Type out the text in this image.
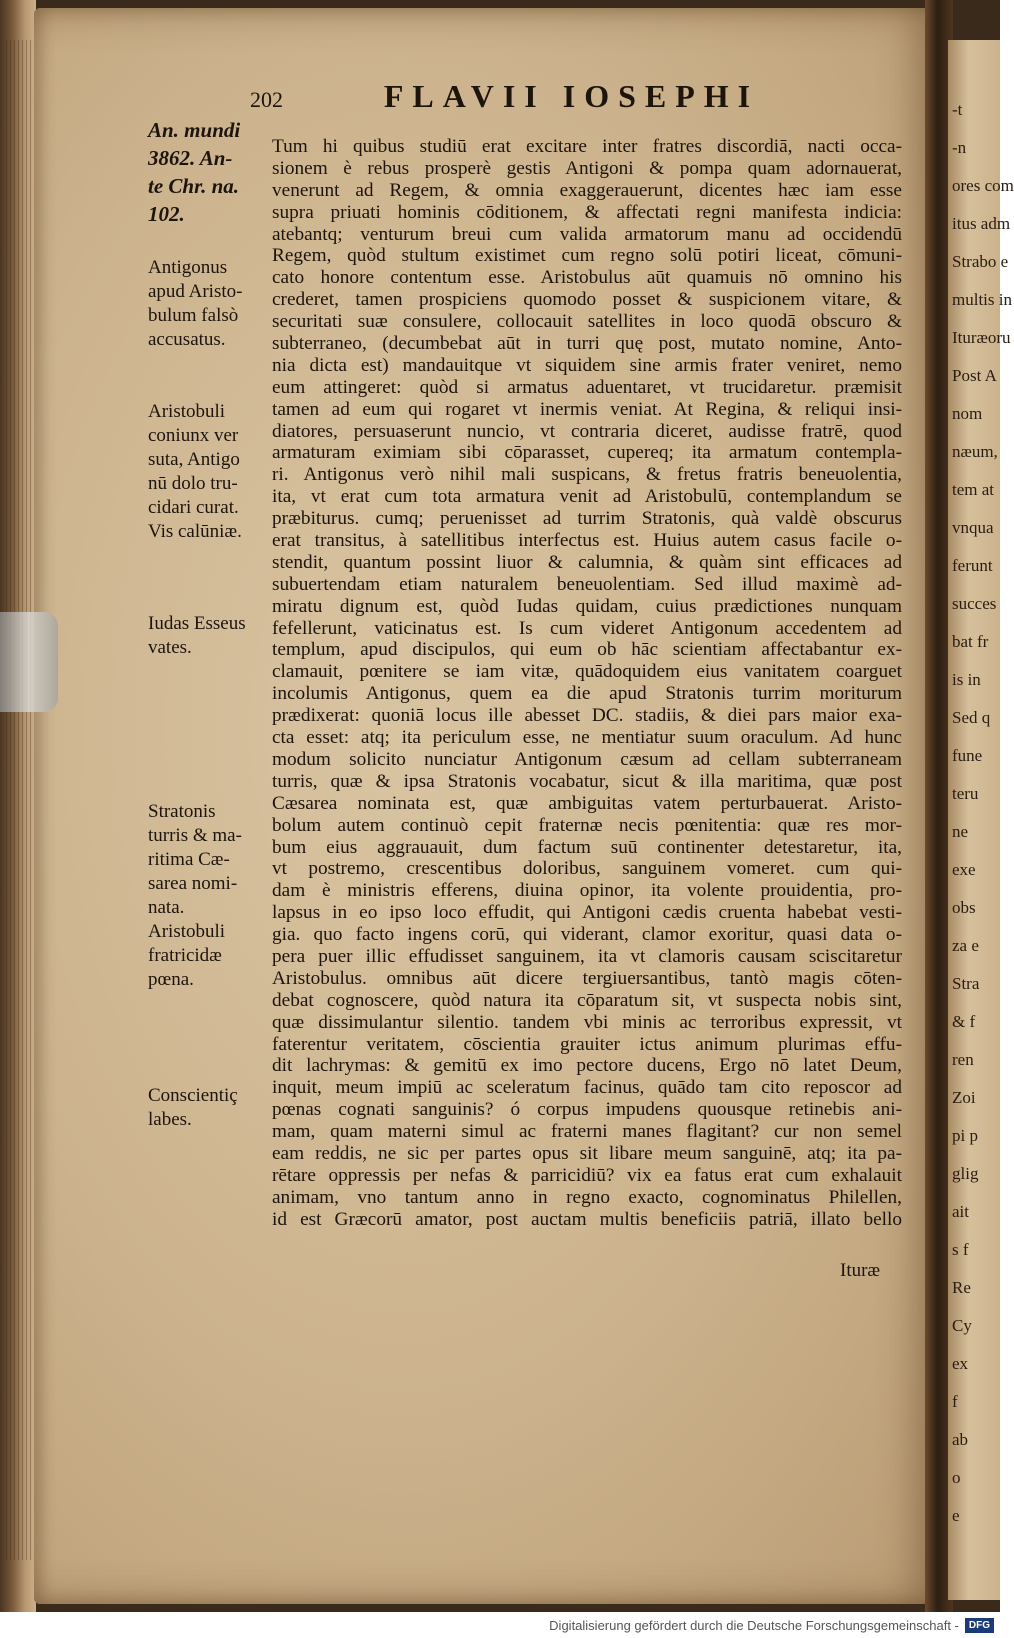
-t
-n
ores com
itus adm
Strabo e
multis in
Ituræoru
Post A
nom
næum,
tem at
vnqua
ferunt
succes
bat fr
is in
Sed q
fune
teru
ne
exe
obs
za e
Stra
& f
ren
Zoi
pi p
glig
ait
s f
Re
Cy
ex
f
ab
o
e
202	FLAVII IOSEPHI
An. mundi
3862. An-
te Chr. na.
102.
Antigonus
apud Aristo-
bulum falsò
accusatus.
Aristobuli
coniunx ver
suta, Antigo
nū dolo tru-
cidari curat.
Vis calūniæ.
Iudas Esseus
vates.
Stratonis
turris & ma-
ritima Cæ-
sarea nomi-
nata.
Aristobuli
fratricidæ
pœna.
Conscientiç
labes.
Tum hi quibus studiū erat excitare inter fratres discordiā, nacti occa-
sionem è rebus prosperè gestis Antigoni & pompa quam adornauerat,
venerunt ad Regem, & omnia exaggerauerunt, dicentes hæc iam esse
supra priuati hominis cōditionem, & affectati regni manifesta indicia:
atebantq; venturum breui cum valida armatorum manu ad occidendū
Regem, quòd stultum existimet cum regno solū potiri liceat, cōmuni-
cato honore contentum esse. Aristobulus aūt quamuis nō omnino his
crederet, tamen prospiciens quomodo posset & suspicionem vitare, &
securitati suæ consulere, collocauit satellites in loco quodā obscuro &
subterraneo, (decumbebat aūt in turri quę post, mutato nomine, Anto-
nia dicta est) mandauitque vt siquidem sine armis frater veniret, nemo
eum attingeret: quòd si armatus aduentaret, vt trucidaretur. præmisit
tamen ad eum qui rogaret vt inermis veniat. At Regina, & reliqui insi-
diatores, persuaserunt nuncio, vt contraria diceret, audisse fratrē, quod
armaturam eximiam sibi cōparasset, cupereq; ita armatum contempla-
ri. Antigonus verò nihil mali suspicans, & fretus fratris beneuolentia,
ita, vt erat cum tota armatura venit ad Aristobulū, contemplandum se
præbiturus. cumq; peruenisset ad turrim Stratonis, quà valdè obscurus
erat transitus, à satellitibus interfectus est. Huius autem casus facile o-
stendit, quantum possint liuor & calumnia, & quàm sint efficaces ad
subuertendam etiam naturalem beneuolentiam. Sed illud maximè ad-
miratu dignum est, quòd Iudas quidam, cuius prædictiones nunquam
fefellerunt, vaticinatus est. Is cum videret Antigonum accedentem ad
templum, apud discipulos, qui eum ob hāc scientiam affectabantur ex-
clamauit, pœnitere se iam vitæ, quādoquidem eius vanitatem coarguet
incolumis Antigonus, quem ea die apud Stratonis turrim moriturum
prædixerat: quoniā locus ille abesset DC. stadiis, & diei pars maior exa-
cta esset: atq; ita periculum esse, ne mentiatur suum oraculum. Ad hunc
modum solicito nunciatur Antigonum cæsum ad cellam subterraneam
turris, quæ & ipsa Stratonis vocabatur, sicut & illa maritima, quæ post
Cæsarea nominata est, quæ ambiguitas vatem perturbauerat. Aristo-
bolum autem continuò cepit fraternæ necis pœnitentia: quæ res mor-
bum eius aggrauauit, dum factum suū continenter detestaretur, ita,
vt postremo, crescentibus doloribus, sanguinem vomeret. cum qui-
dam è ministris efferens, diuina opinor, ita volente prouidentia, pro-
lapsus in eo ipso loco effudit, qui Antigoni cædis cruenta habebat vesti-
gia. quo facto ingens corū, qui viderant, clamor exoritur, quasi data o-
pera puer illic effudisset sanguinem, ita vt clamoris causam sciscitaretur
Aristobulus. omnibus aūt dicere tergiuersantibus, tantò magis cōten-
debat cognoscere, quòd natura ita cōparatum sit, vt suspecta nobis sint,
quæ dissimulantur silentio. tandem vbi minis ac terroribus expressit, vt
faterentur veritatem, cōscientia grauiter ictus animum plurimas effu-
dit lachrymas: & gemitū ex imo pectore ducens, Ergo nō latet Deum,
inquit, meum impiū ac sceleratum facinus, quādo tam cito reposcor ad
pœnas cognati sanguinis? ó corpus impudens quousque retinebis ani-
mam, quam materni simul ac fraterni manes flagitant? cur non semel
eam reddis, ne sic per partes opus sit libare meum sanguinē, atq; ita pa-
rētare oppressis per nefas & parricidiū? vix ea fatus erat cum exhalauit
animam, vno tantum anno in regno exacto, cognominatus Philellen,
id est Græcorū amator, post auctam multis beneficiis patriā, illato bello
Ituræ
Digitalisierung gefördert durch die Deutsche Forschungsgemeinschaft -	DFG
